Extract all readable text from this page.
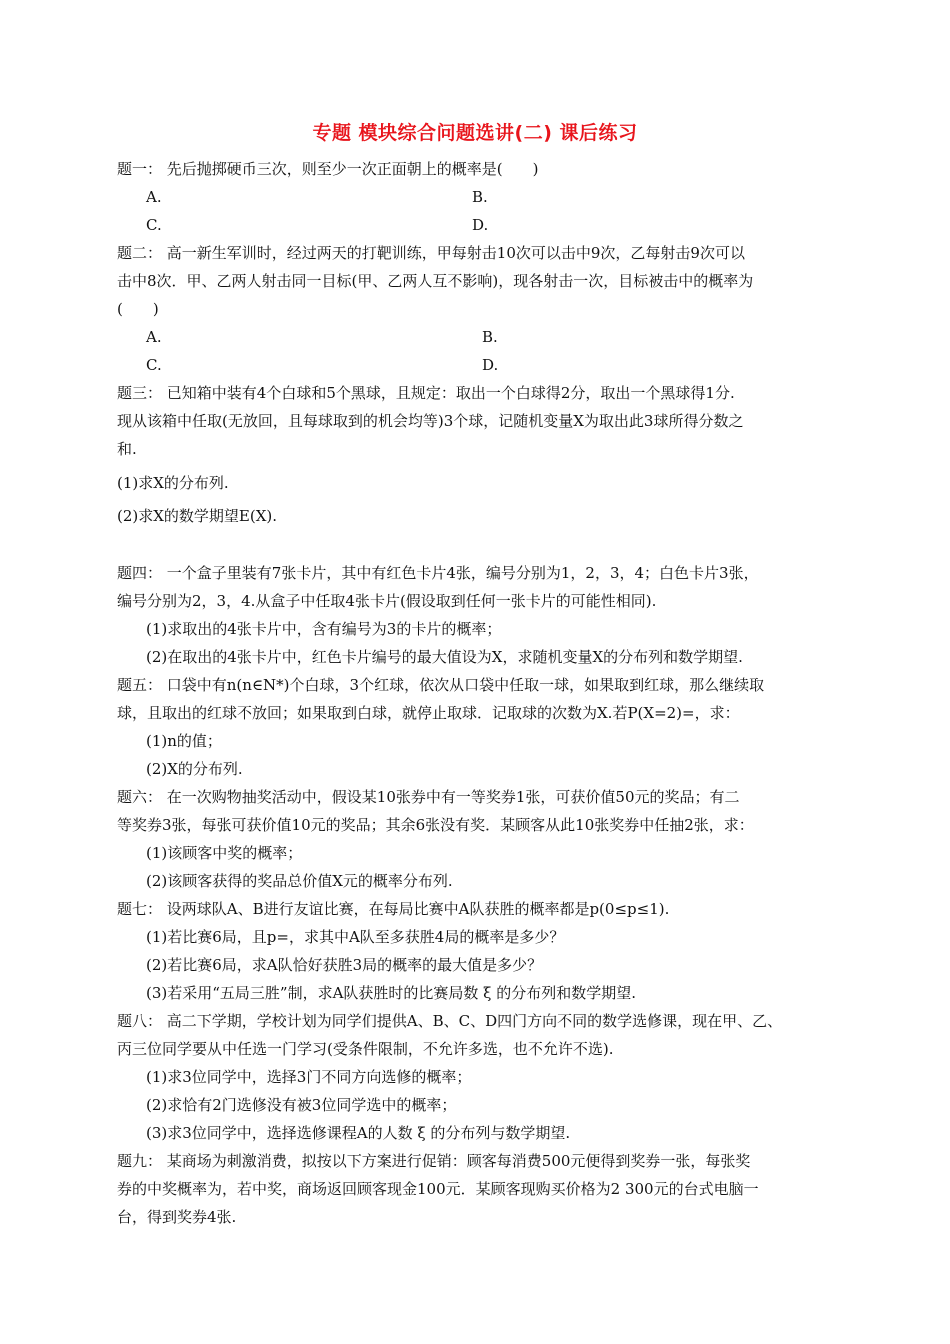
专题 模块综合问题选讲(二) 课后练习
题一： 先后抛掷硬币三次，则至少一次正面朝上的概率是(　　)
A.	B.
C.	D.
题二： 高一新生军训时，经过两天的打靶训练，甲每射击10次可以击中9次，乙每射击9次可以
击中8次．甲、乙两人射击同一目标(甲、乙两人互不影响)，现各射击一次，目标被击中的概率为
(　　)
A.	B.
C.	D.
题三： 已知箱中装有4个白球和5个黑球，且规定：取出一个白球得2分，取出一个黑球得1分.
现从该箱中任取(无放回，且每球取到的机会均等)3个球，记随机变量X为取出此3球所得分数之
和.
(1)求X的分布列.
(2)求X的数学期望E(X).
题四： 一个盒子里装有7张卡片，其中有红色卡片4张，编号分别为1，2，3，4；白色卡片3张，
编号分别为2，3，4.从盒子中任取4张卡片(假设取到任何一张卡片的可能性相同).
(1)求取出的4张卡片中，含有编号为3的卡片的概率；
(2)在取出的4张卡片中，红色卡片编号的最大值设为X，求随机变量X的分布列和数学期望.
题五： 口袋中有n(n∈N*)个白球，3个红球，依次从口袋中任取一球，如果取到红球，那么继续取
球，且取出的红球不放回；如果取到白球，就停止取球．记取球的次数为X.若P(X=2)=，求：
(1)n的值；
(2)X的分布列.
题六： 在一次购物抽奖活动中，假设某10张券中有一等奖券1张，可获价值50元的奖品；有二
等奖券3张，每张可获价值10元的奖品；其余6张没有奖．某顾客从此10张奖券中任抽2张，求：
(1)该顾客中奖的概率；
(2)该顾客获得的奖品总价值X元的概率分布列.
题七： 设两球队A、B进行友谊比赛，在每局比赛中A队获胜的概率都是p(0≤p≤1).
(1)若比赛6局，且p=，求其中A队至多获胜4局的概率是多少？
(2)若比赛6局，求A队恰好获胜3局的概率的最大值是多少？
(3)若采用“五局三胜”制，求A队获胜时的比赛局数 ξ 的分布列和数学期望.
题八： 高二下学期，学校计划为同学们提供A、B、C、D四门方向不同的数学选修课，现在甲、乙、
丙三位同学要从中任选一门学习(受条件限制，不允许多选，也不允许不选).
(1)求3位同学中，选择3门不同方向选修的概率；
(2)求恰有2门选修没有被3位同学选中的概率；
(3)求3位同学中，选择选修课程A的人数 ξ 的分布列与数学期望.
题九： 某商场为刺激消费，拟按以下方案进行促销：顾客每消费500元便得到奖券一张，每张奖
券的中奖概率为，若中奖，商场返回顾客现金100元．某顾客现购买价格为2 300元的台式电脑一
台，得到奖券4张.
